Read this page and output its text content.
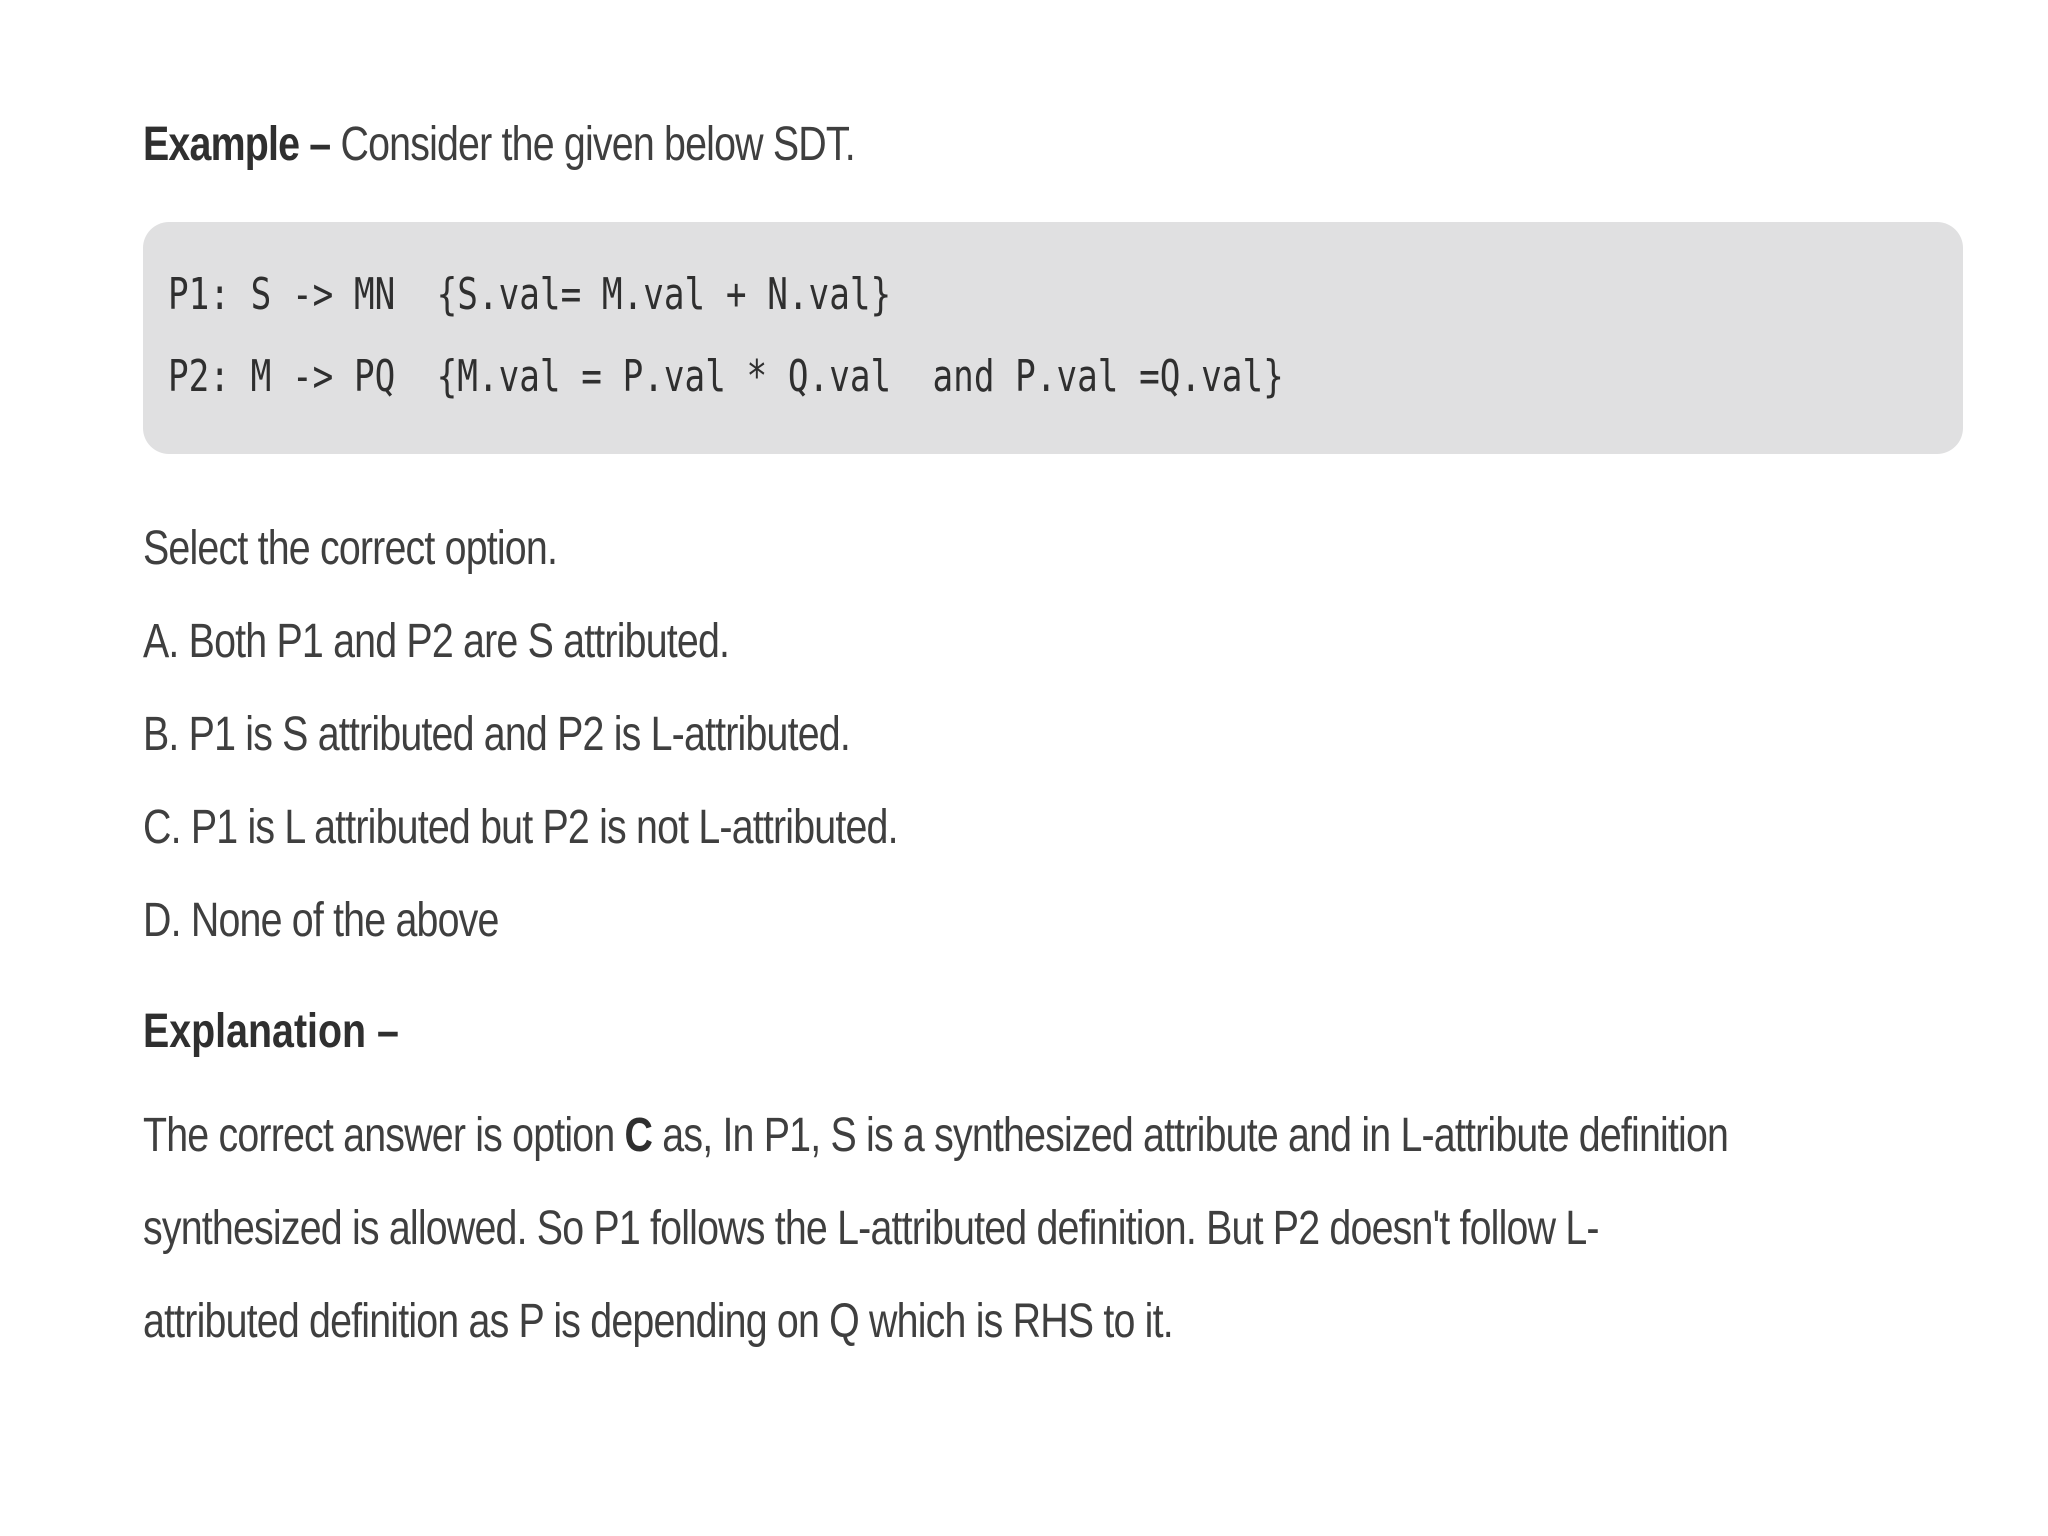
Example – Consider the given below SDT.
P1: S -> MN  {S.val= M.val + N.val}
P2: M -> PQ  {M.val = P.val * Q.val  and P.val =Q.val}
Select the correct option.
A. Both P1 and P2 are S attributed.
B. P1 is S attributed and P2 is L-attributed.
C. P1 is L attributed but P2 is not L-attributed.
D. None of the above
Explanation –
The correct answer is option C as, In P1, S is a synthesized attribute and in L-attribute definition
synthesized is allowed. So P1 follows the L-attributed definition. But P2 doesn't follow L-
attributed definition as P is depending on Q which is RHS to it.
